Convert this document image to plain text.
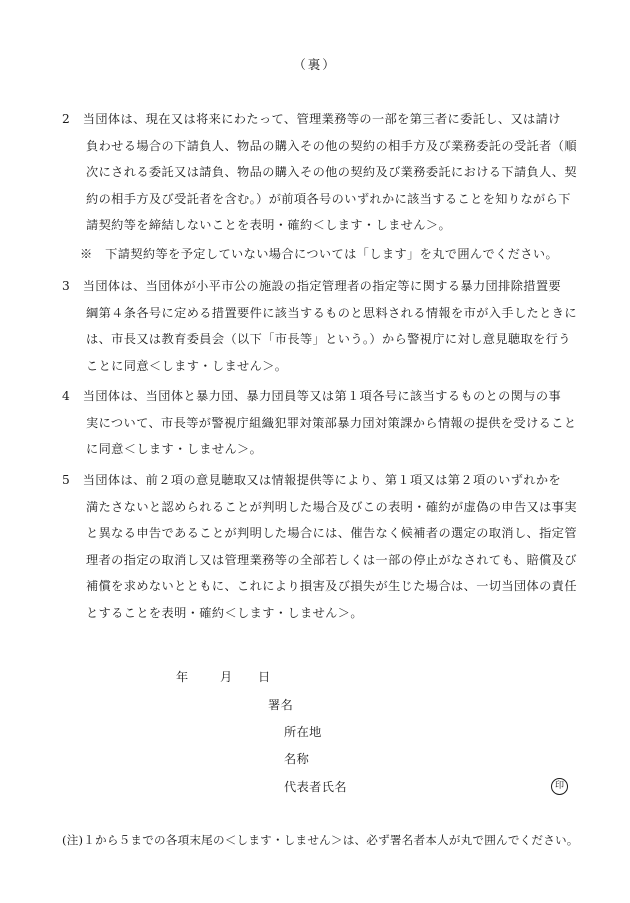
（裏）
2　当団体は、現在又は将来にわたって、管理業務等の一部を第三者に委託し、又は請け
負わせる場合の下請負人、物品の購入その他の契約の相手方及び業務委託の受託者（順
次にされる委託又は請負、物品の購入その他の契約及び業務委託における下請負人、契
約の相手方及び受託者を含む。）が前項各号のいずれかに該当することを知りながら下
請契約等を締結しないことを表明・確約＜します・しません＞。
※　下請契約等を予定していない場合については「します」を丸で囲んでください。
3　当団体は、当団体が小平市公の施設の指定管理者の指定等に関する暴力団排除措置要
綱第４条各号に定める措置要件に該当するものと思料される情報を市が入手したときに
は、市長又は教育委員会（以下「市長等」という。）から警視庁に対し意見聴取を行う
ことに同意＜します・しません＞。
4　当団体は、当団体と暴力団、暴力団員等又は第１項各号に該当するものとの関与の事
実について、市長等が警視庁組織犯罪対策部暴力団対策課から情報の提供を受けること
に同意＜します・しません＞。
5　当団体は、前２項の意見聴取又は情報提供等により、第１項又は第２項のいずれかを
満たさないと認められることが判明した場合及びこの表明・確約が虚偽の申告又は事実
と異なる申告であることが判明した場合には、催告なく候補者の選定の取消し、指定管
理者の指定の取消し又は管理業務等の全部若しくは一部の停止がなされても、賠償及び
補償を求めないとともに、これにより損害及び損失が生じた場合は、一切当団体の責任
とすることを表明・確約＜します・しません＞。
年	月 日
署名
所在地
名称
代表者氏名	印
(注)１から５までの各項末尾の＜します・しません＞は、必ず署名者本人が丸で囲んでください。
